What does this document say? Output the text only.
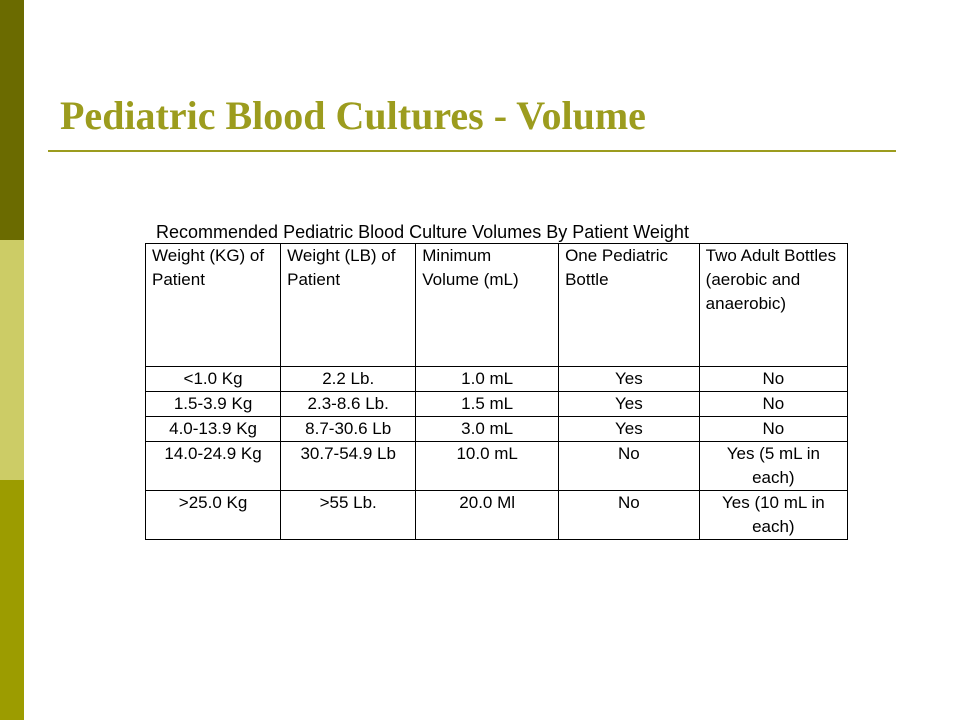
Pediatric Blood Cultures - Volume
Recommended Pediatric Blood Culture Volumes By Patient Weight
Weight (KG) of Patient	Weight (LB) of Patient	Minimum Volume (mL)	One Pediatric Bottle	Two Adult Bottles (aerobic and anaerobic)
<1.0 Kg	2.2 Lb.	1.0 mL	Yes	No
1.5-3.9 Kg	2.3-8.6 Lb.	1.5 mL	Yes	No
4.0-13.9 Kg	8.7-30.6 Lb	3.0 mL	Yes	No
14.0-24.9 Kg	30.7-54.9 Lb	10.0 mL	No	Yes (5 mL in each)
>25.0 Kg	>55 Lb.	20.0 Ml	No	Yes (10 mL in each)
